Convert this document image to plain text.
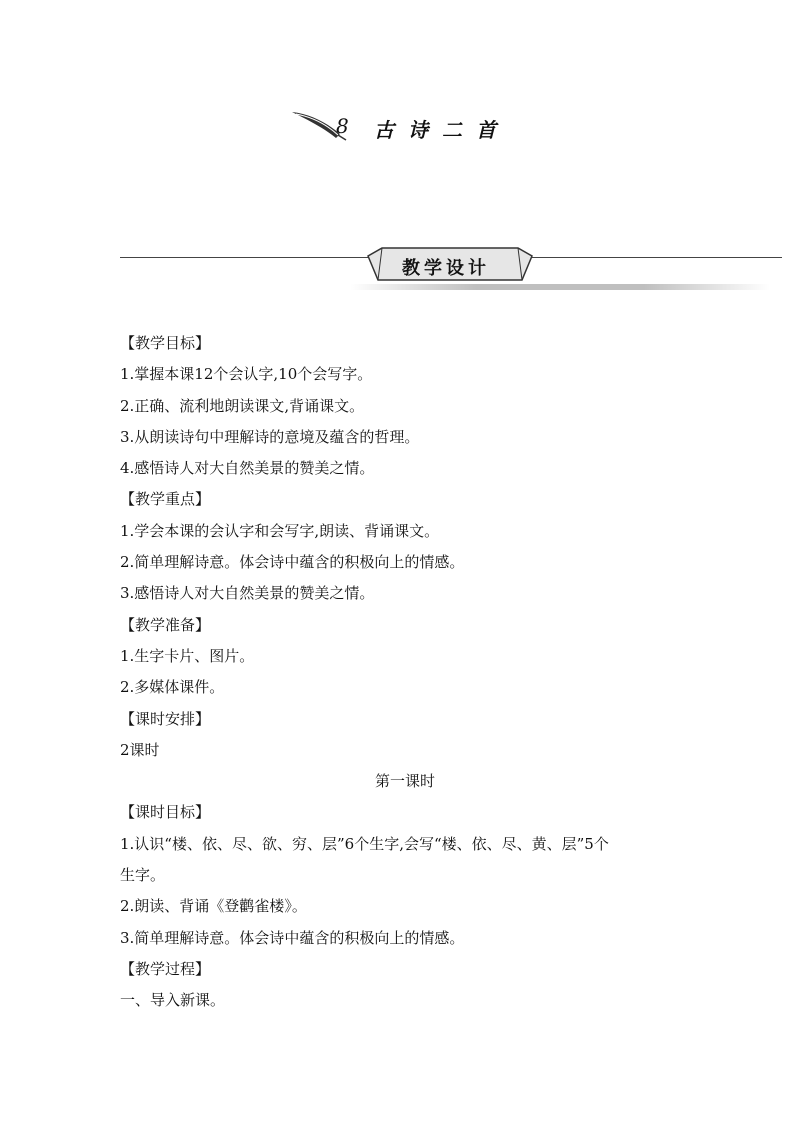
8 古诗二首
教学设计
【教学目标】
1.掌握本课12个会认字,10个会写字。
2.正确、流利地朗读课文,背诵课文。
3.从朗读诗句中理解诗的意境及蕴含的哲理。
4.感悟诗人对大自然美景的赞美之情。
【教学重点】
1.学会本课的会认字和会写字,朗读、背诵课文。
2.简单理解诗意。体会诗中蕴含的积极向上的情感。
3.感悟诗人对大自然美景的赞美之情。
【教学准备】
1.生字卡片、图片。
2.多媒体课件。
【课时安排】
2课时
第一课时
【课时目标】
1.认识“楼、依、尽、欲、穷、层”6个生字,会写“楼、依、尽、黄、层”5个
生字。
2.朗读、背诵《登鹳雀楼》。
3.简单理解诗意。体会诗中蕴含的积极向上的情感。
【教学过程】
一、导入新课。
